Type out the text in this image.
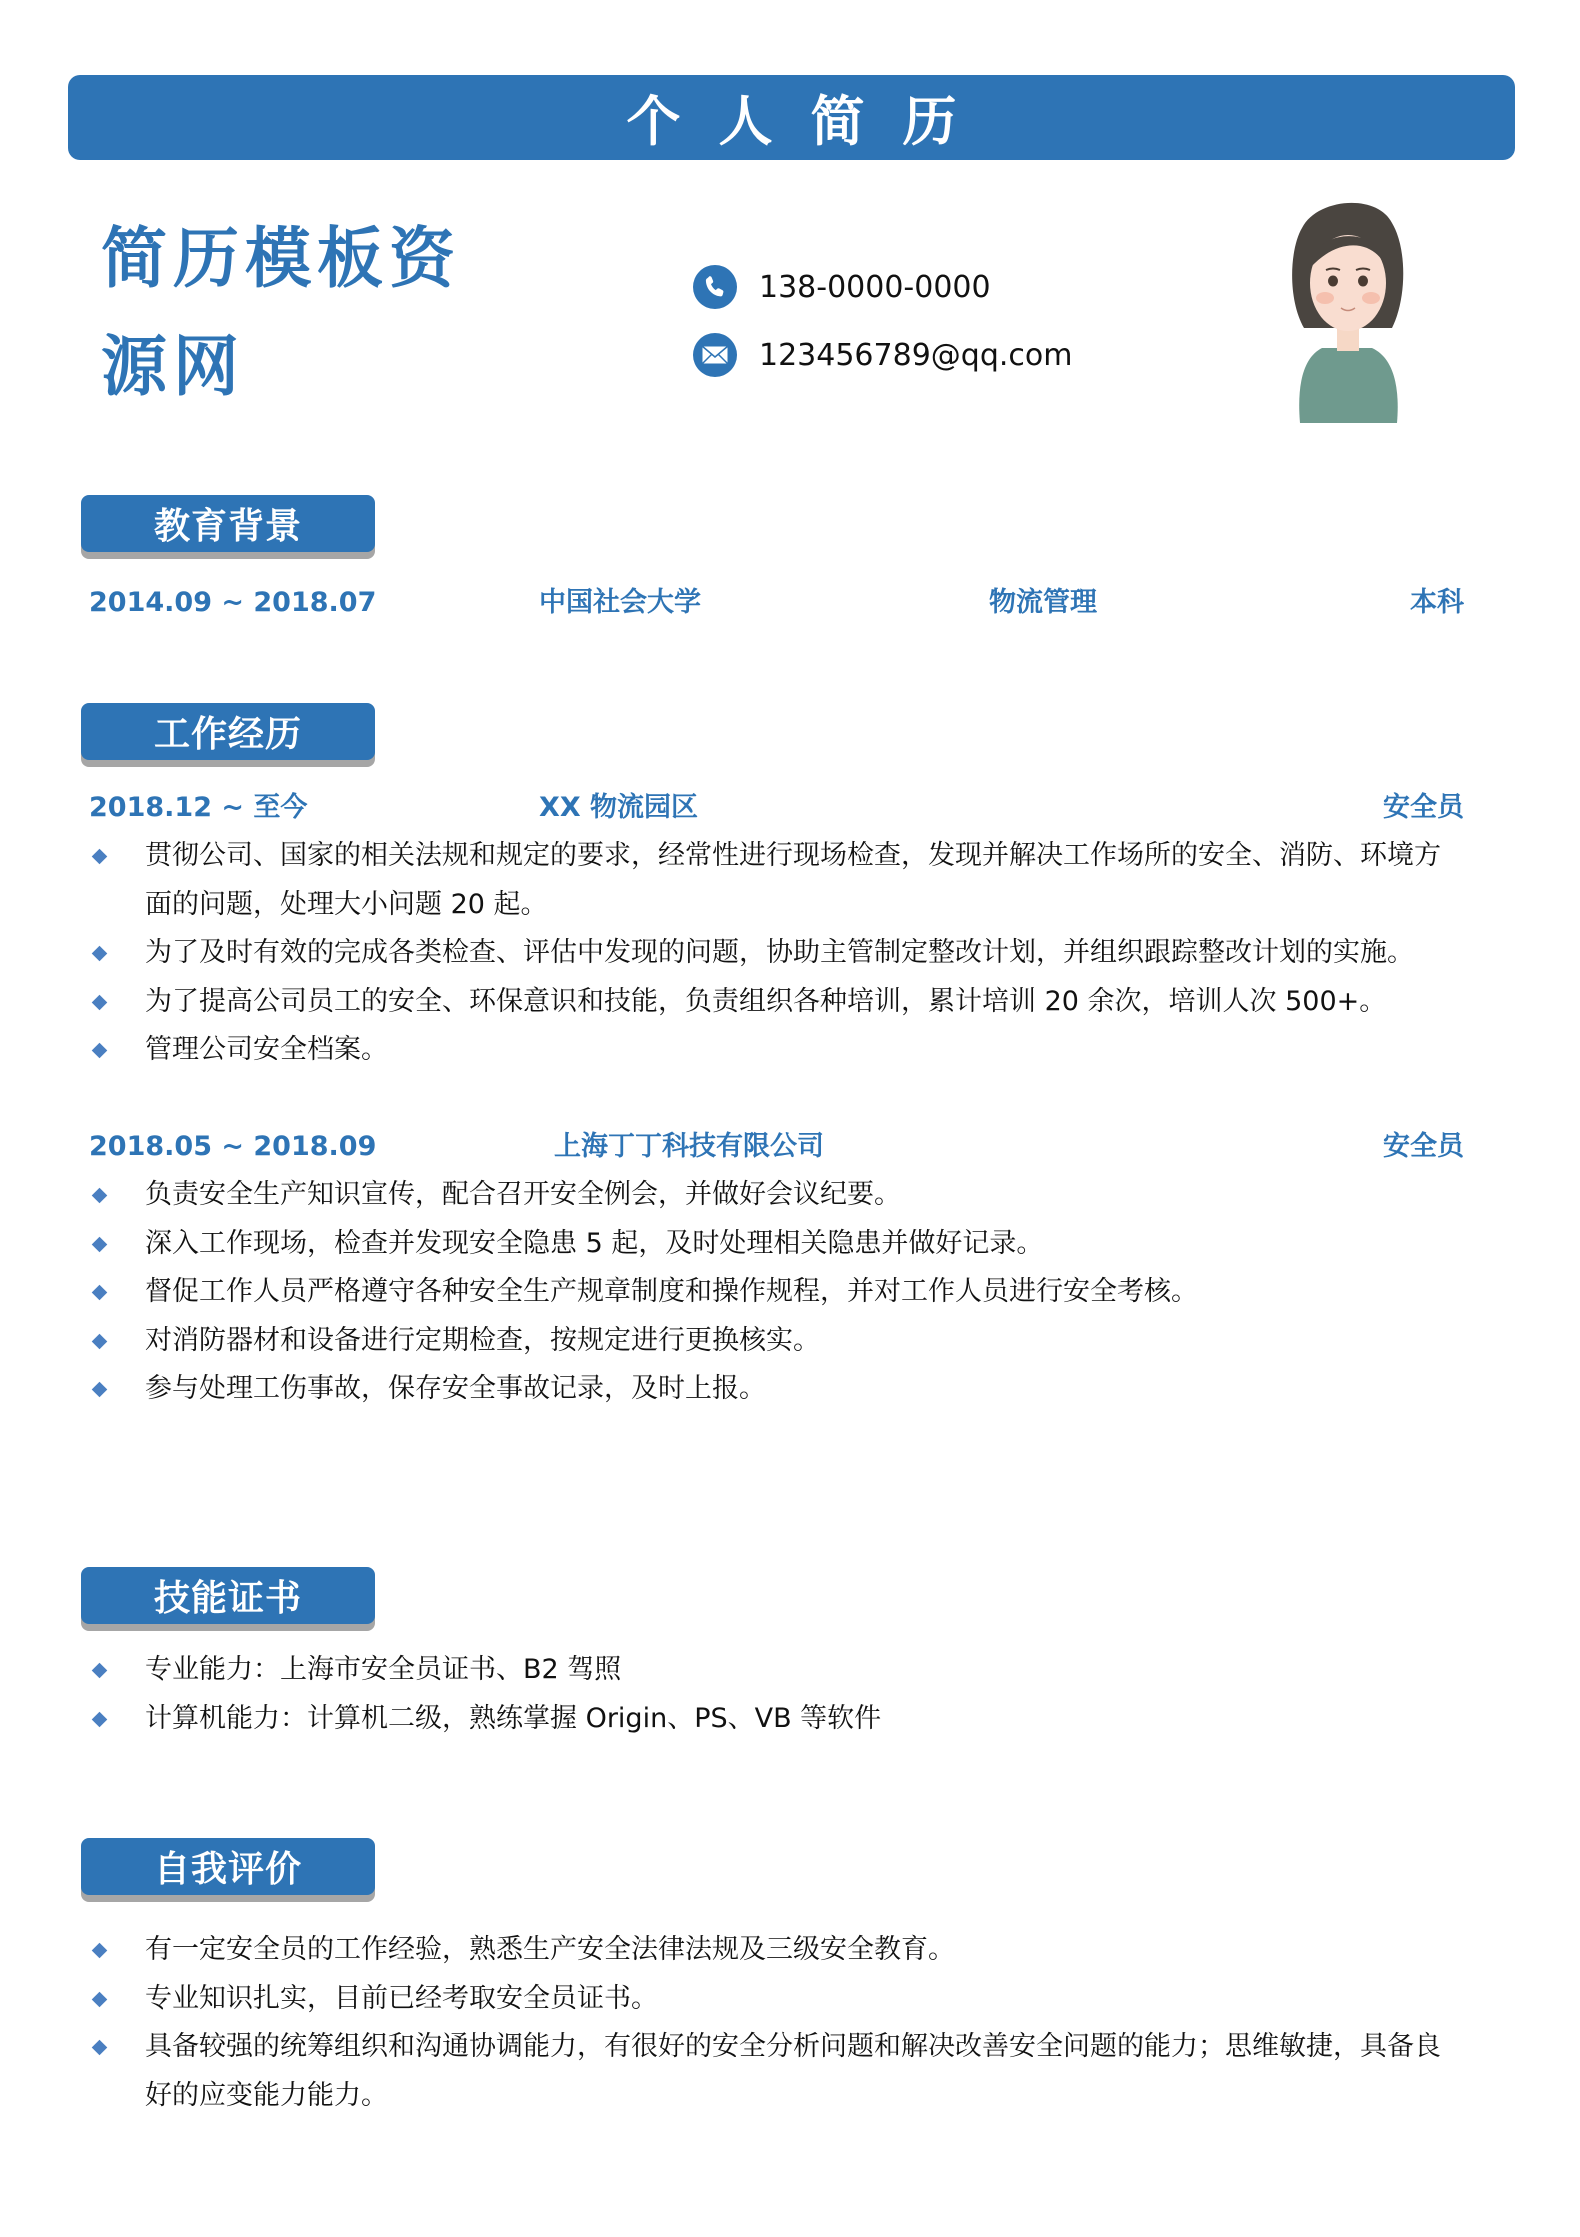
个人简历
简历模板资
源网
138-0000-0000
123456789@qq.com
教育背景
2014.09 ~ 2018.07	中国社会大学	物流管理	本科
工作经历
2018.12 ~ 至今	XX 物流园区	安全员
贯彻公司、国家的相关法规和规定的要求，经常性进行现场检查，发现并解决工作场所的安全、消防、环境方面的问题，处理大小问题 20 起。
为了及时有效的完成各类检查、评估中发现的问题，协助主管制定整改计划，并组织跟踪整改计划的实施。
为了提高公司员工的安全、环保意识和技能，负责组织各种培训，累计培训 20 余次，培训人次 500+。
管理公司安全档案。
2018.05 ~ 2018.09	上海丁丁科技有限公司	安全员
负责安全生产知识宣传，配合召开安全例会，并做好会议纪要。
深入工作现场，检查并发现安全隐患 5 起，及时处理相关隐患并做好记录。
督促工作人员严格遵守各种安全生产规章制度和操作规程，并对工作人员进行安全考核。
对消防器材和设备进行定期检查，按规定进行更换核实。
参与处理工伤事故，保存安全事故记录，及时上报。
技能证书
专业能力：上海市安全员证书、B2 驾照
计算机能力：计算机二级，熟练掌握 Origin、PS、VB 等软件
自我评价
有一定安全员的工作经验，熟悉生产安全法律法规及三级安全教育。
专业知识扎实，目前已经考取安全员证书。
具备较强的统筹组织和沟通协调能力，有很好的安全分析问题和解决改善安全问题的能力；思维敏捷，具备良好的应变能力能力。
